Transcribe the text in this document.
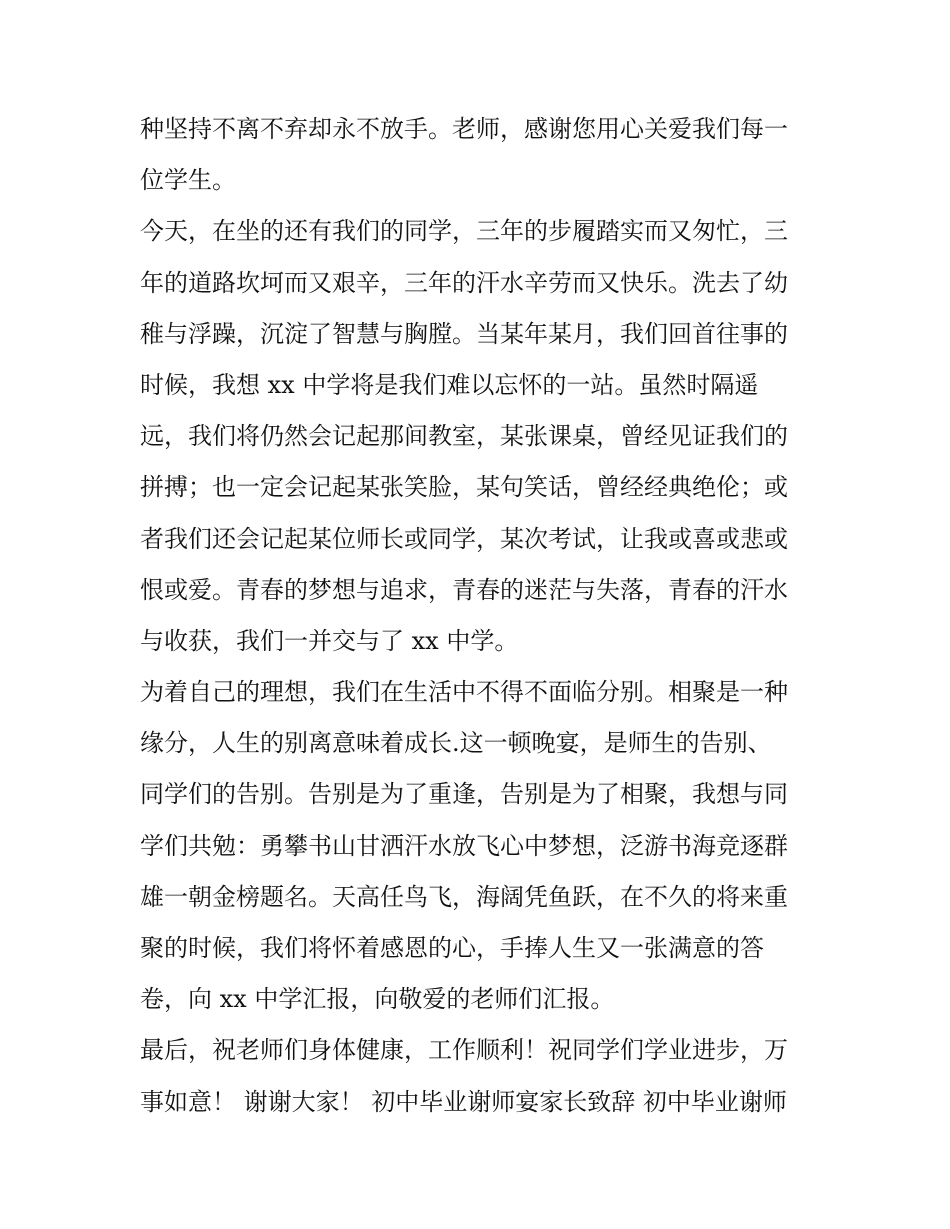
种坚持不离不弃却永不放手。老师，感谢您用心关爱我们每一
位学生。
今天，在坐的还有我们的同学，三年的步履踏实而又匆忙，三
年的道路坎坷而又艰辛，三年的汗水辛劳而又快乐。洗去了幼
稚与浮躁，沉淀了智慧与胸膛。当某年某月，我们回首往事的
时候，我想 xx 中学将是我们难以忘怀的一站。虽然时隔遥
远，我们将仍然会记起那间教室，某张课桌，曾经见证我们的
拼搏；也一定会记起某张笑脸，某句笑话，曾经经典绝伦；或
者我们还会记起某位师长或同学，某次考试，让我或喜或悲或
恨或爱。青春的梦想与追求，青春的迷茫与失落，青春的汗水
与收获，我们一并交与了 xx 中学。
为着自己的理想，我们在生活中不得不面临分别。相聚是一种
缘分，人生的别离意味着成长.这一顿晚宴，是师生的告别、
同学们的告别。告别是为了重逢，告别是为了相聚，我想与同
学们共勉：勇攀书山甘洒汗水放飞心中梦想，泛游书海竞逐群
雄一朝金榜题名。天高任鸟飞，海阔凭鱼跃，在不久的将来重
聚的时候，我们将怀着感恩的心，手捧人生又一张满意的答
卷，向 xx 中学汇报，向敬爱的老师们汇报。
最后，祝老师们身体健康，工作顺利！祝同学们学业进步，万
事如意！ 谢谢大家！ 初中毕业谢师宴家长致辞 初中毕业谢师
